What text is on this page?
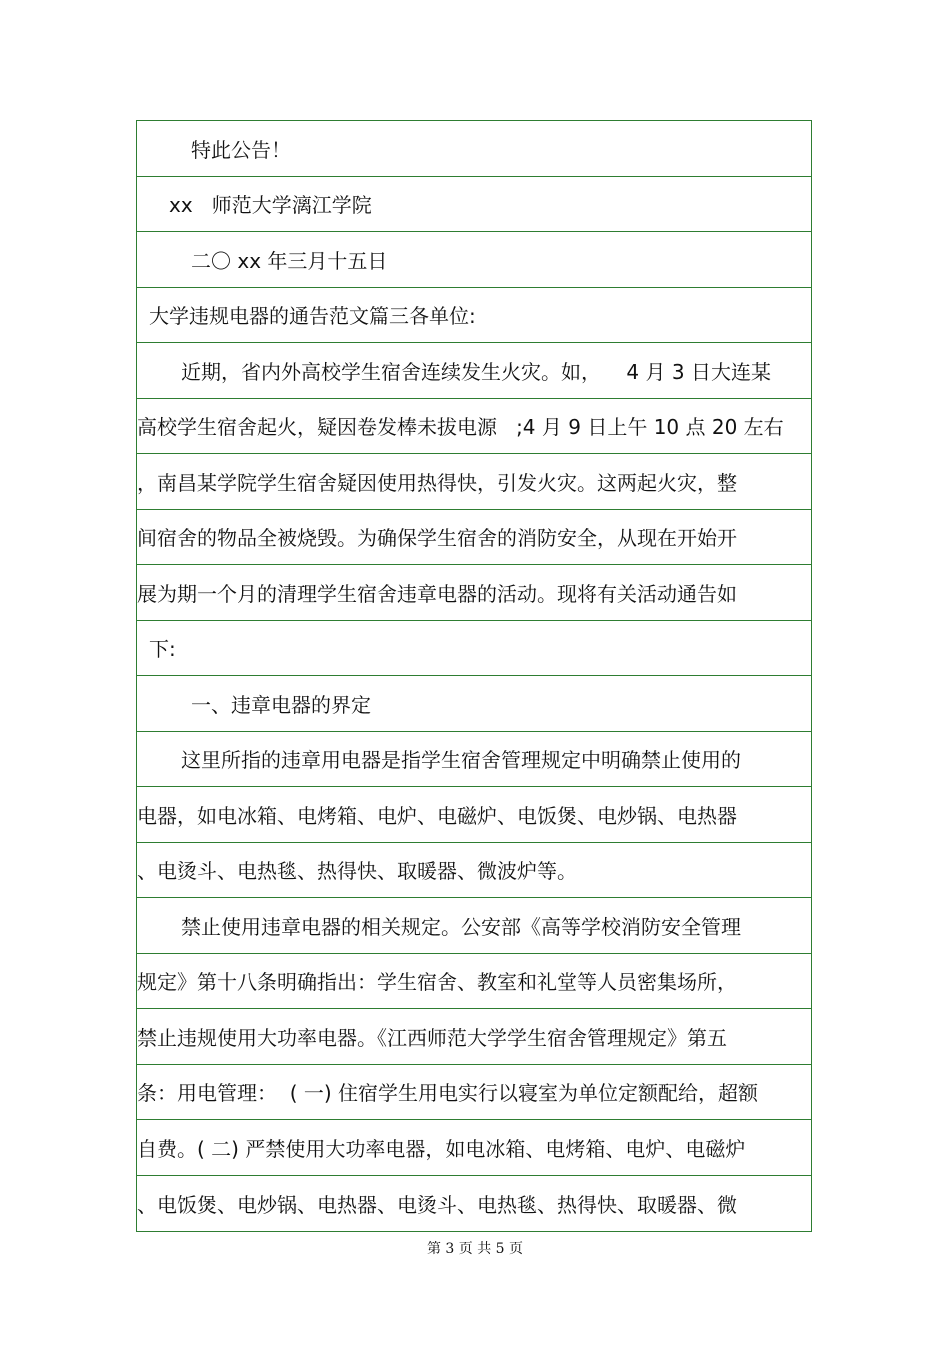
特此公告！
xx   师范大学漓江学院
二〇 xx 年三月十五日
大学违规电器的通告范文篇三各单位:
近期，省内外高校学生宿舍连续发生火灾。如，    4 月 3 日大连某
高校学生宿舍起火，疑因卷发棒未拔电源   ;4 月 9 日上午 10 点 20 左右
，南昌某学院学生宿舍疑因使用热得快，引发火灾。这两起火灾，整
间宿舍的物品全被烧毁。为确保学生宿舍的消防安全，从现在开始开
展为期一个月的清理学生宿舍违章电器的活动。现将有关活动通告如
下:
一、违章电器的界定
这里所指的违章用电器是指学生宿舍管理规定中明确禁止使用的
电器，如电冰箱、电烤箱、电炉、电磁炉、电饭煲、电炒锅、电热器
、电烫斗、电热毯、热得快、取暖器、微波炉等。
禁止使用违章电器的相关规定。公安部《高等学校消防安全管理
规定》第十八条明确指出：学生宿舍、教室和礼堂等人员密集场所，
禁止违规使用大功率电器。《江西师范大学学生宿舍管理规定》第五
条：用电管理：  ( 一) 住宿学生用电实行以寝室为单位定额配给，超额
自费。( 二) 严禁使用大功率电器，如电冰箱、电烤箱、电炉、电磁炉
、电饭煲、电炒锅、电热器、电烫斗、电热毯、热得快、取暖器、微
第 3 页 共 5 页
